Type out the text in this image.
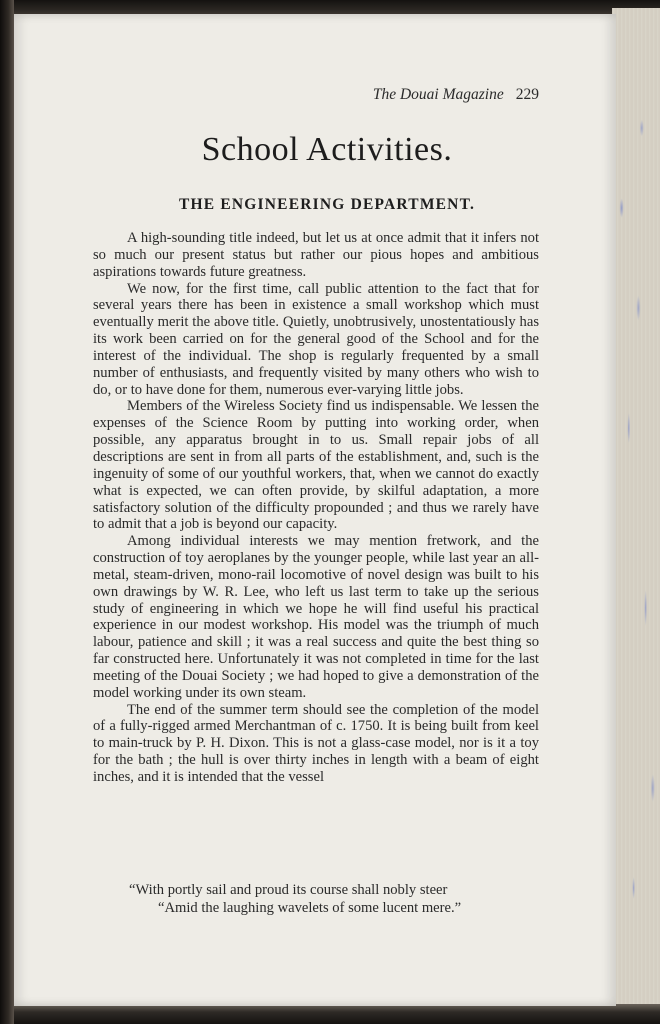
The Douai Magazine 229
School Activities.
THE ENGINEERING DEPARTMENT.

A high-sounding title indeed, but let us at once admit that it infers not so much our present status but rather our pious hopes and ambitious aspirations towards future greatness.

We now, for the first time, call public attention to the fact that for several years there has been in existence a small workshop which must eventually merit the above title. Quietly, unobtrusively, unostentatiously has its work been carried on for the general good of the School and for the interest of the individual. The shop is regularly frequented by a small number of enthusiasts, and frequently visited by many others who wish to do, or to have done for them, numerous ever-varying little jobs.

Members of the Wireless Society find us indispensable. We lessen the expenses of the Science Room by putting into working order, when possible, any apparatus brought in to us. Small repair jobs of all descriptions are sent in from all parts of the establishment, and, such is the ingenuity of some of our youthful workers, that, when we cannot do exactly what is expected, we can often provide, by skilful adaptation, a more satisfactory solution of the difficulty propounded ; and thus we rarely have to admit that a job is beyond our capacity.

Among individual interests we may mention fretwork, and the construction of toy aeroplanes by the younger people, while last year an all-metal, steam-driven, mono-rail locomotive of novel design was built to his own drawings by W. R. Lee, who left us last term to take up the serious study of engineering in which we hope he will find useful his practical experience in our modest workshop. His model was the triumph of much labour, patience and skill ; it was a real success and quite the best thing so far constructed here. Unfortunately it was not completed in time for the last meeting of the Douai Society ; we had hoped to give a demonstration of the model working under its own steam.

The end of the summer term should see the completion of the model of a fully-rigged armed Merchantman of c. 1750. It is being built from keel to main-truck by P. H. Dixon. This is not a glass-case model, nor is it a toy for the bath ; the hull is over thirty inches in length with a beam of eight inches, and it is intended that the vessel

“With portly sail and proud its course shall nobly steer
“Amid the laughing wavelets of some lucent mere.”
